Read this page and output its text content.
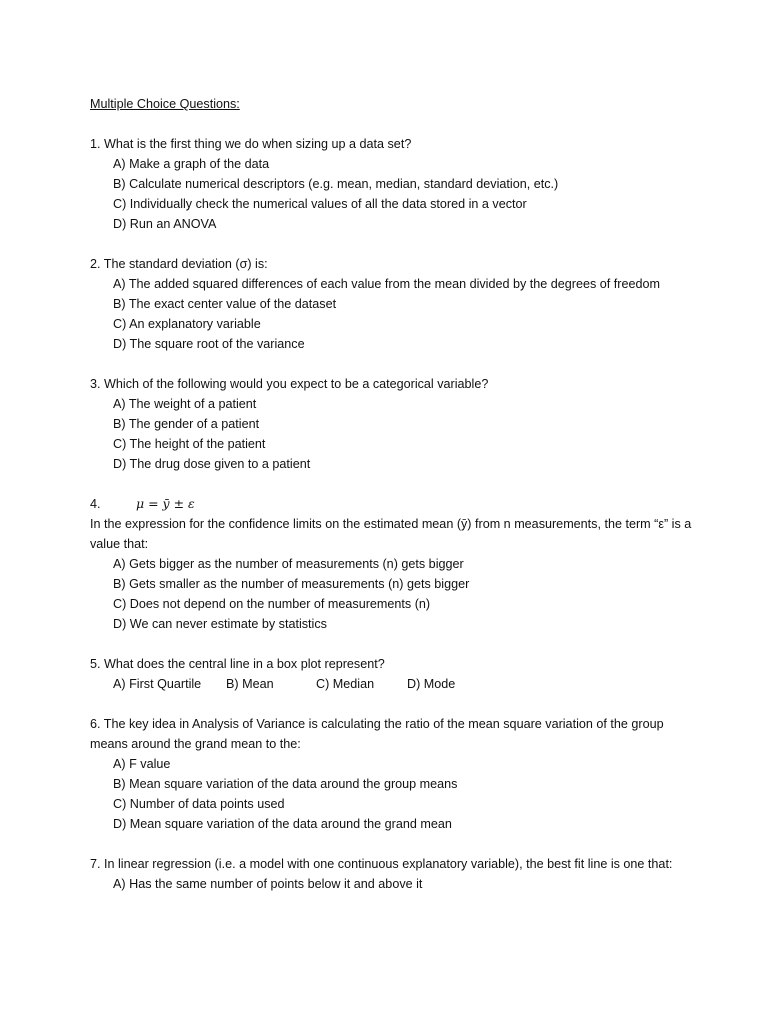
Multiple Choice Questions:
1. What is the first thing we do when sizing up a data set?
A) Make a graph of the data
B) Calculate numerical descriptors (e.g. mean, median, standard deviation, etc.)
C) Individually check the numerical values of all the data stored in a vector
D) Run an ANOVA
2. The standard deviation (σ) is:
A) The added squared differences of each value from the mean divided by the degrees of freedom
B) The exact center value of the dataset
C) An explanatory variable
D) The square root of the variance
3. Which of the following would you expect to be a categorical variable?
A) The weight of a patient
B) The gender of a patient
C) The height of the patient
D) The drug dose given to a patient
4.	μ = ȳ ± ε
In the expression for the confidence limits on the estimated mean (ȳ) from n measurements, the term “ε” is a value that:
A) Gets bigger as the number of measurements (n) gets bigger
B) Gets smaller as the number of measurements (n) gets bigger
C) Does not depend on the number of measurements (n)
D) We can never estimate by statistics
5. What does the central line in a box plot represent?
A) First Quartile	B) Mean	C) Median	D) Mode
6. The key idea in Analysis of Variance is calculating the ratio of the mean square variation of the group means around the grand mean to the:
A) F value
B) Mean square variation of the data around the group means
C) Number of data points used
D) Mean square variation of the data around the grand mean
7. In linear regression (i.e. a model with one continuous explanatory variable), the best fit line is one that:
A) Has the same number of points below it and above it
